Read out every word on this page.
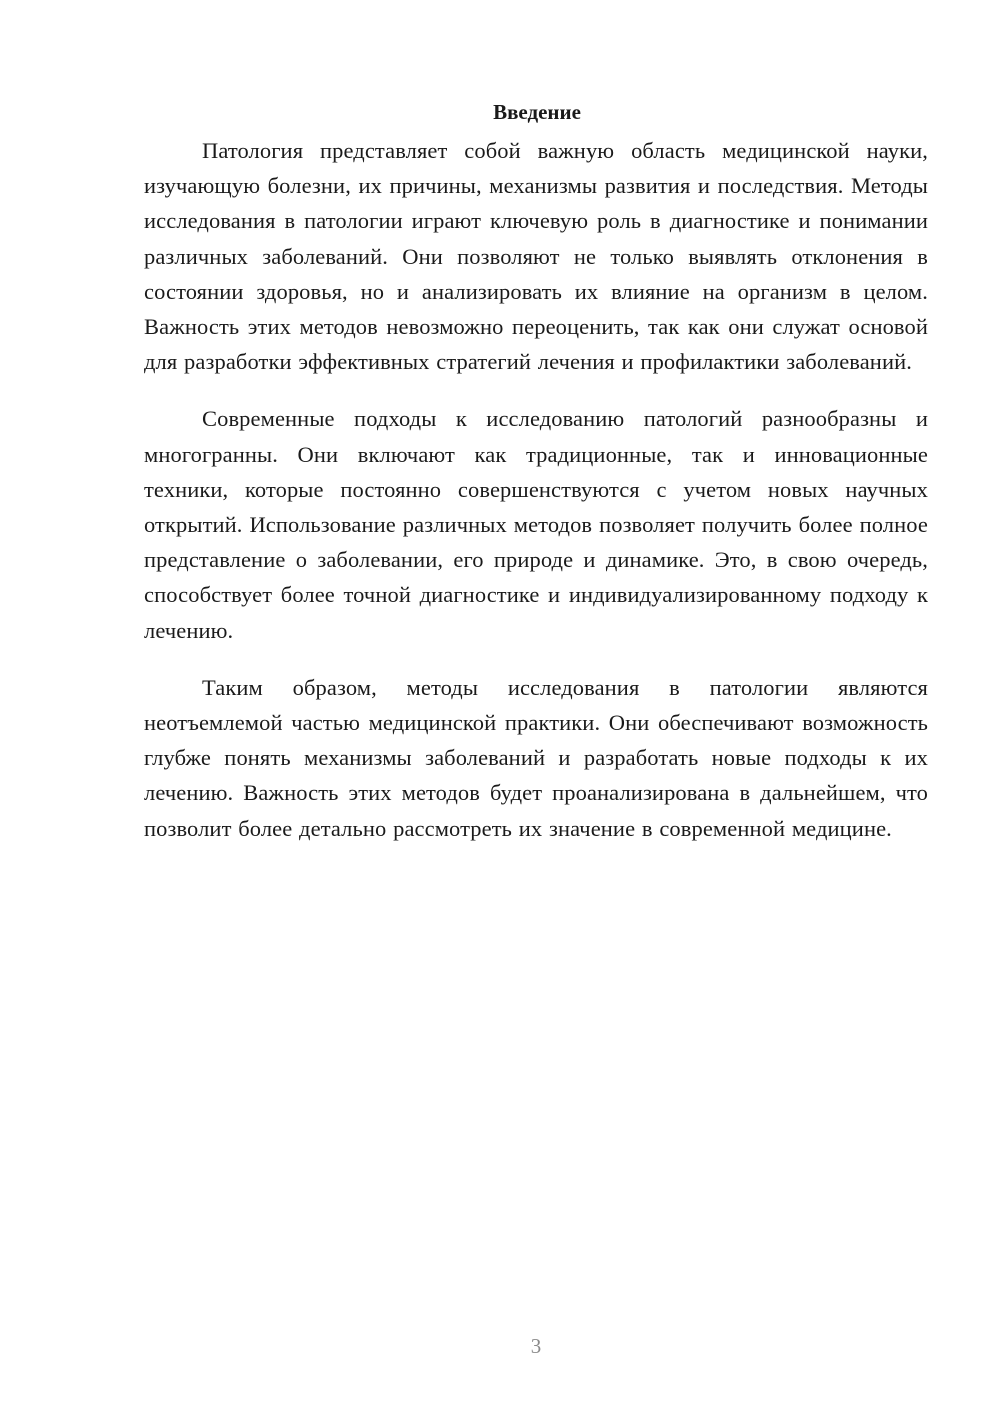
Введение

Патология представляет собой важную область медицинской науки, изучающую болезни, их причины, механизмы развития и последствия. Методы исследования в патологии играют ключевую роль в диагностике и понимании различных заболеваний. Они позволяют не только выявлять отклонения в состоянии здоровья, но и анализировать их влияние на организм в целом. Важность этих методов невозможно переоценить, так как они служат основой для разработки эффективных стратегий лечения и профилактики заболеваний.

Современные подходы к исследованию патологий разнообразны и многогранны. Они включают как традиционные, так и инновационные техники, которые постоянно совершенствуются с учетом новых научных открытий. Использование различных методов позволяет получить более полное представление о заболевании, его природе и динамике. Это, в свою очередь, способствует более точной диагностике и индивидуализированному подходу к лечению.

Таким образом, методы исследования в патологии являются неотъемлемой частью медицинской практики. Они обеспечивают возможность глубже понять механизмы заболеваний и разработать новые подходы к их лечению. Важность этих методов будет проанализирована в дальнейшем, что позволит более детально рассмотреть их значение в современной медицине.

3
